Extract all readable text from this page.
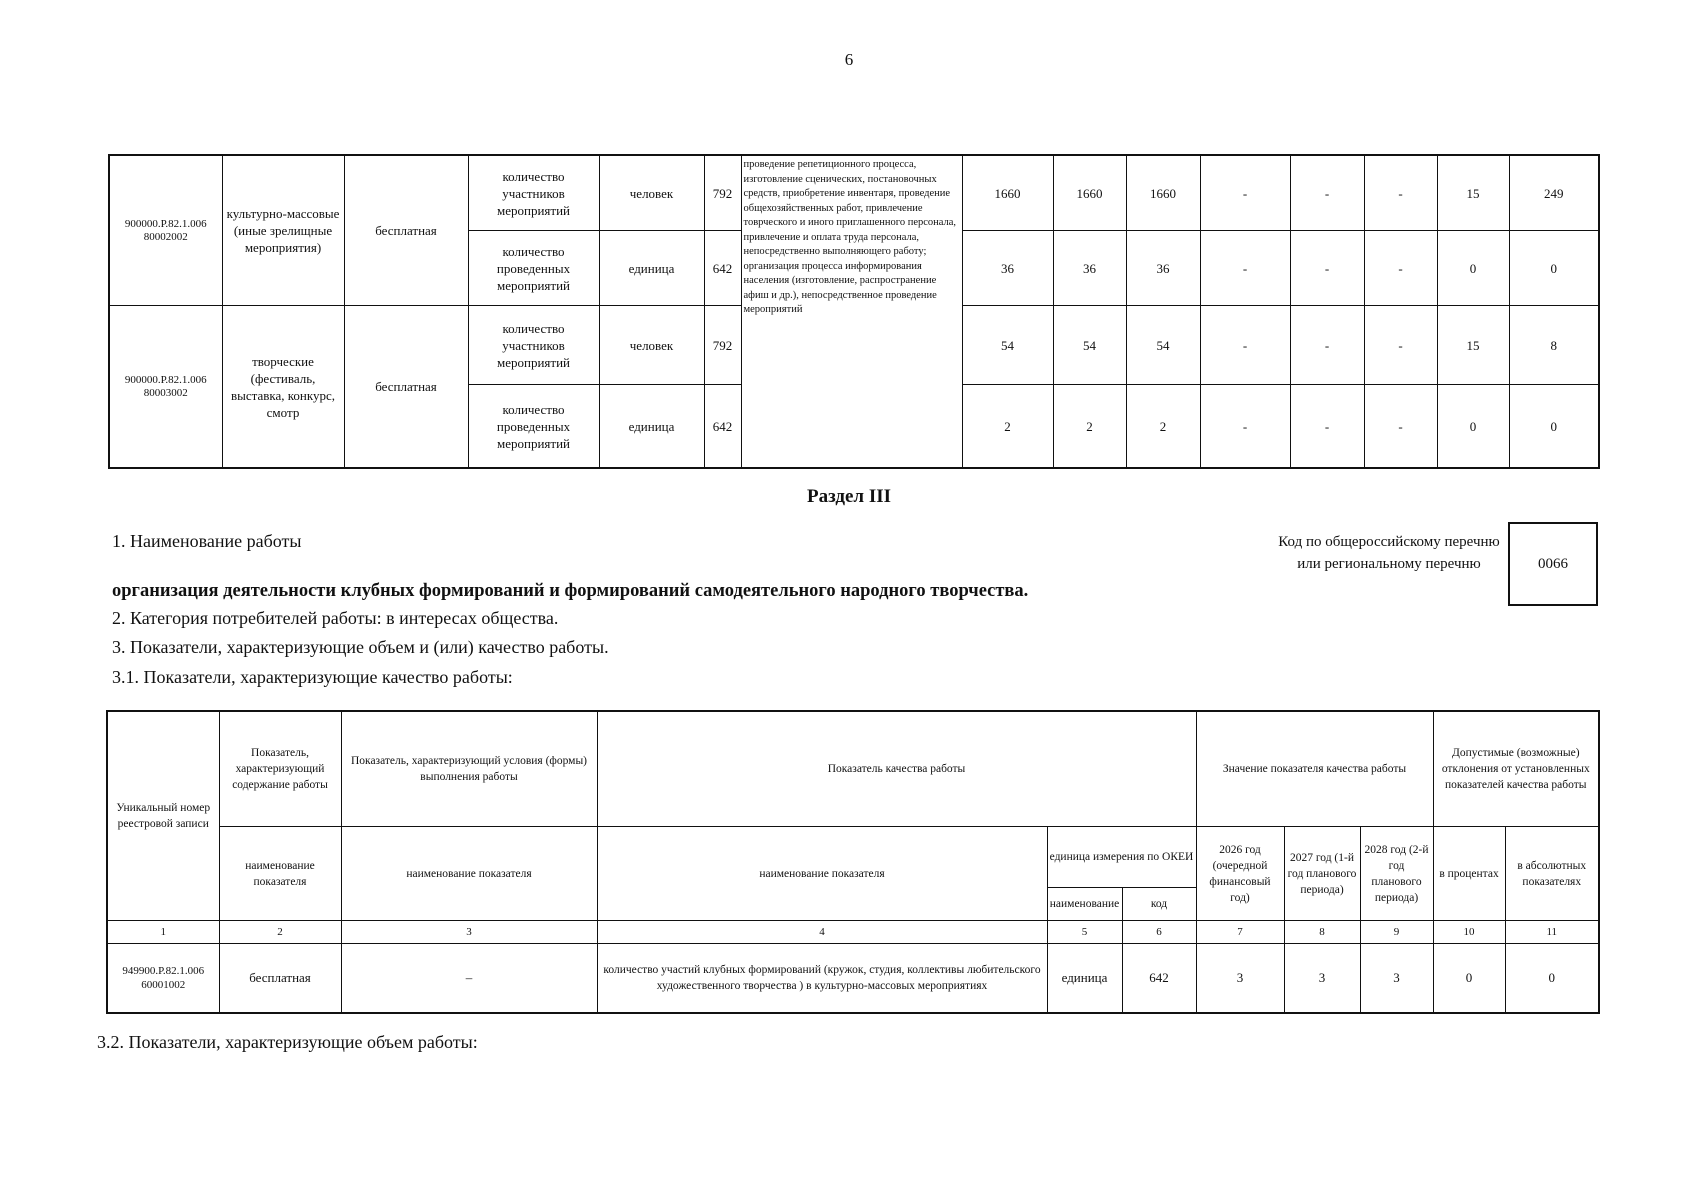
6
900000.Р.82.1.006 80002002	культурно-массовые (иные зрелищные мероприятия)	бесплатная	количество участников мероприятий	человек	792	проведение репетиционного процесса, изготовление сценических, постановочных средств, приобретение инвентаря, проведение общехозяйственных работ, привлечение товрческого и иного приглашенного персонала, привлечение и оплата труда персонала, непосредственно выполняющего работу; организация процесса информирования населения (изготовление, распространение афиш и др.), непосредственное проведение мероприятий	1660	1660	1660	-	-	-	15	249
			количество проведенных мероприятий	единица	642		36	36	36	-	-	-	0	0
900000.Р.82.1.006 80003002	творческие (фестиваль, выставка, конкурс, смотр	бесплатная	количество участников мероприятий	человек	792		54	54	54	-	-	-	15	8
			количество проведенных мероприятий	единица	642		2	2	2	-	-	-	0	0
Раздел III
1. Наименование работы
организация деятельности клубных формирований и формирований самодеятельного народного творчества.
2. Категория потребителей работы: в интересах общества.
3. Показатели, характеризующие объем и (или) качество работы.
3.1. Показатели, характеризующие качество работы:
Код по общероссийскому перечню или региональному перечню	0066
Уникальный номер реестровой записи	Показатель, характеризующий содержание работы	Показатель, характеризующий условия (формы) выполнения работы	Показатель качества работы			Значение показателя качества работы			Допустимые (возможные) отклонения от установленных показателей качества работы	
	наименование показателя	наименование показателя	наименование показателя	единица измерения по ОКЕИ		2026 год (очередной финансовый год)	2027 год (1-й год планового периода)	2028 год (2-й год планового периода)	в процентах	в абсолютных показателях
				наименование	код					
1	2	3	4	5	6	7	8	9	10	11
949900.Р.82.1.006 60001002	бесплатная	–	количество участий клубных формирований (кружок, студия, коллективы любительского художественного творчества ) в культурно-массовых мероприятиях	единица	642	3	3	3	0	0
3.2. Показатели, характеризующие объем работы:
